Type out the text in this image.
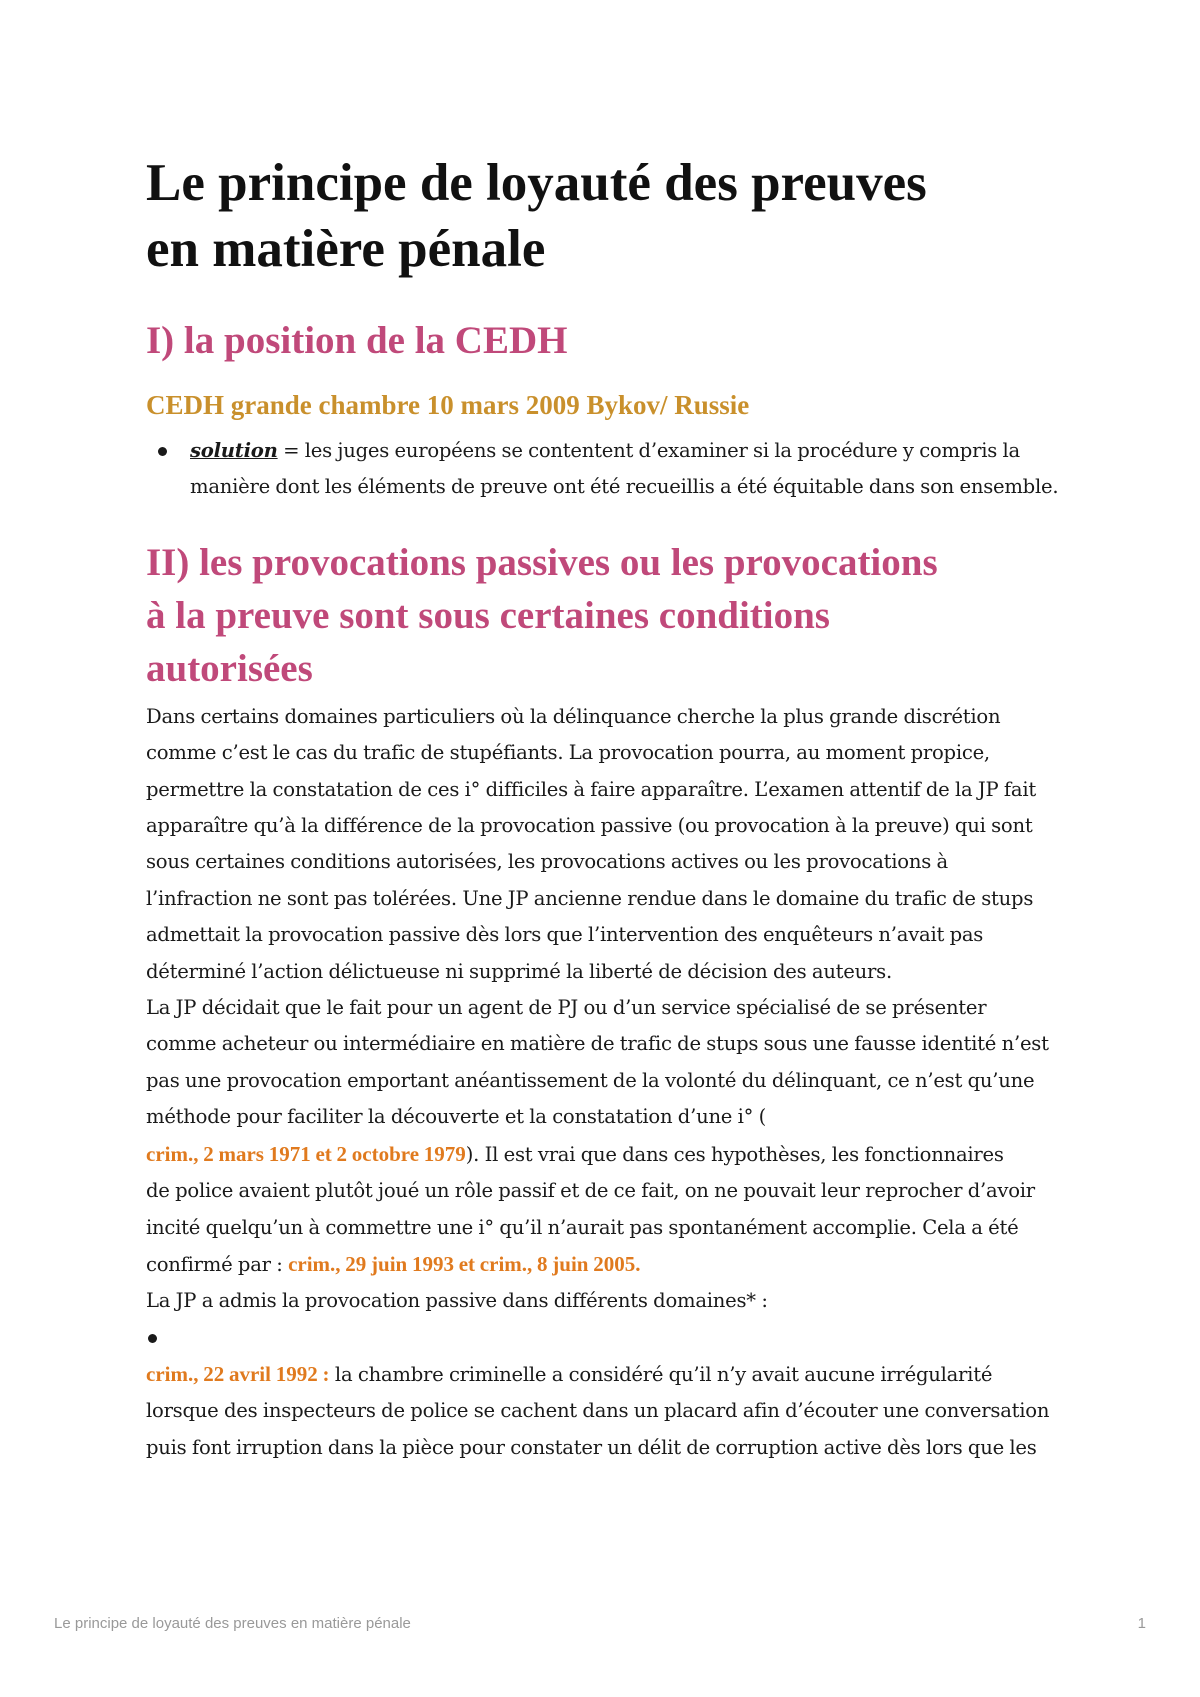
Le principe de loyauté des preuves
en matière pénale
I) la position de la CEDH
CEDH grande chambre 10 mars 2009 Bykov/ Russie
solution = les juges européens se contentent d’examiner si la procédure y compris la
manière dont les éléments de preuve ont été recueillis a été équitable dans son ensemble.
II) les provocations passives ou les provocations
à la preuve sont sous certaines conditions
autorisées

Dans certains domaines particuliers où la délinquance cherche la plus grande discrétion
comme c’est le cas du trafic de stupéfiants. La provocation pourra, au moment propice,
permettre la constatation de ces i° difficiles à faire apparaître. L’examen attentif de la JP fait
apparaître qu’à la différence de la provocation passive (ou provocation à la preuve) qui sont
sous certaines conditions autorisées, les provocations actives ou les provocations à
l’infraction ne sont pas tolérées. Une JP ancienne rendue dans le domaine du trafic de stups
admettait la provocation passive dès lors que l’intervention des enquêteurs n’avait pas
déterminé l’action délictueuse ni supprimé la liberté de décision des auteurs.

La JP décidait que le fait pour un agent de PJ ou d’un service spécialisé de se présenter
comme acheteur ou intermédiaire en matière de trafic de stups sous une fausse identité n’est
pas une provocation emportant anéantissement de la volonté du délinquant, ce n’est qu’une
méthode pour faciliter la découverte et la constatation d’une i° (
crim., 2 mars 1971 et 2 octobre 1979). Il est vrai que dans ces hypothèses, les fonctionnaires
de police avaient plutôt joué un rôle passif et de ce fait, on ne pouvait leur reprocher d’avoir
incité quelqu’un à commettre une i° qu’il n’aurait pas spontanément accomplie. Cela a été
confirmé par : crim., 29 juin 1993 et crim., 8 juin 2005.

La JP a admis la provocation passive dans différents domaines* :

crim., 22 avril 1992 : la chambre criminelle a considéré qu’il n’y avait aucune irrégularité
lorsque des inspecteurs de police se cachent dans un placard afin d’écouter une conversation
puis font irruption dans la pièce pour constater un délit de corruption active dès lors que les

Le principe de loyauté des preuves en matière pénale	1
